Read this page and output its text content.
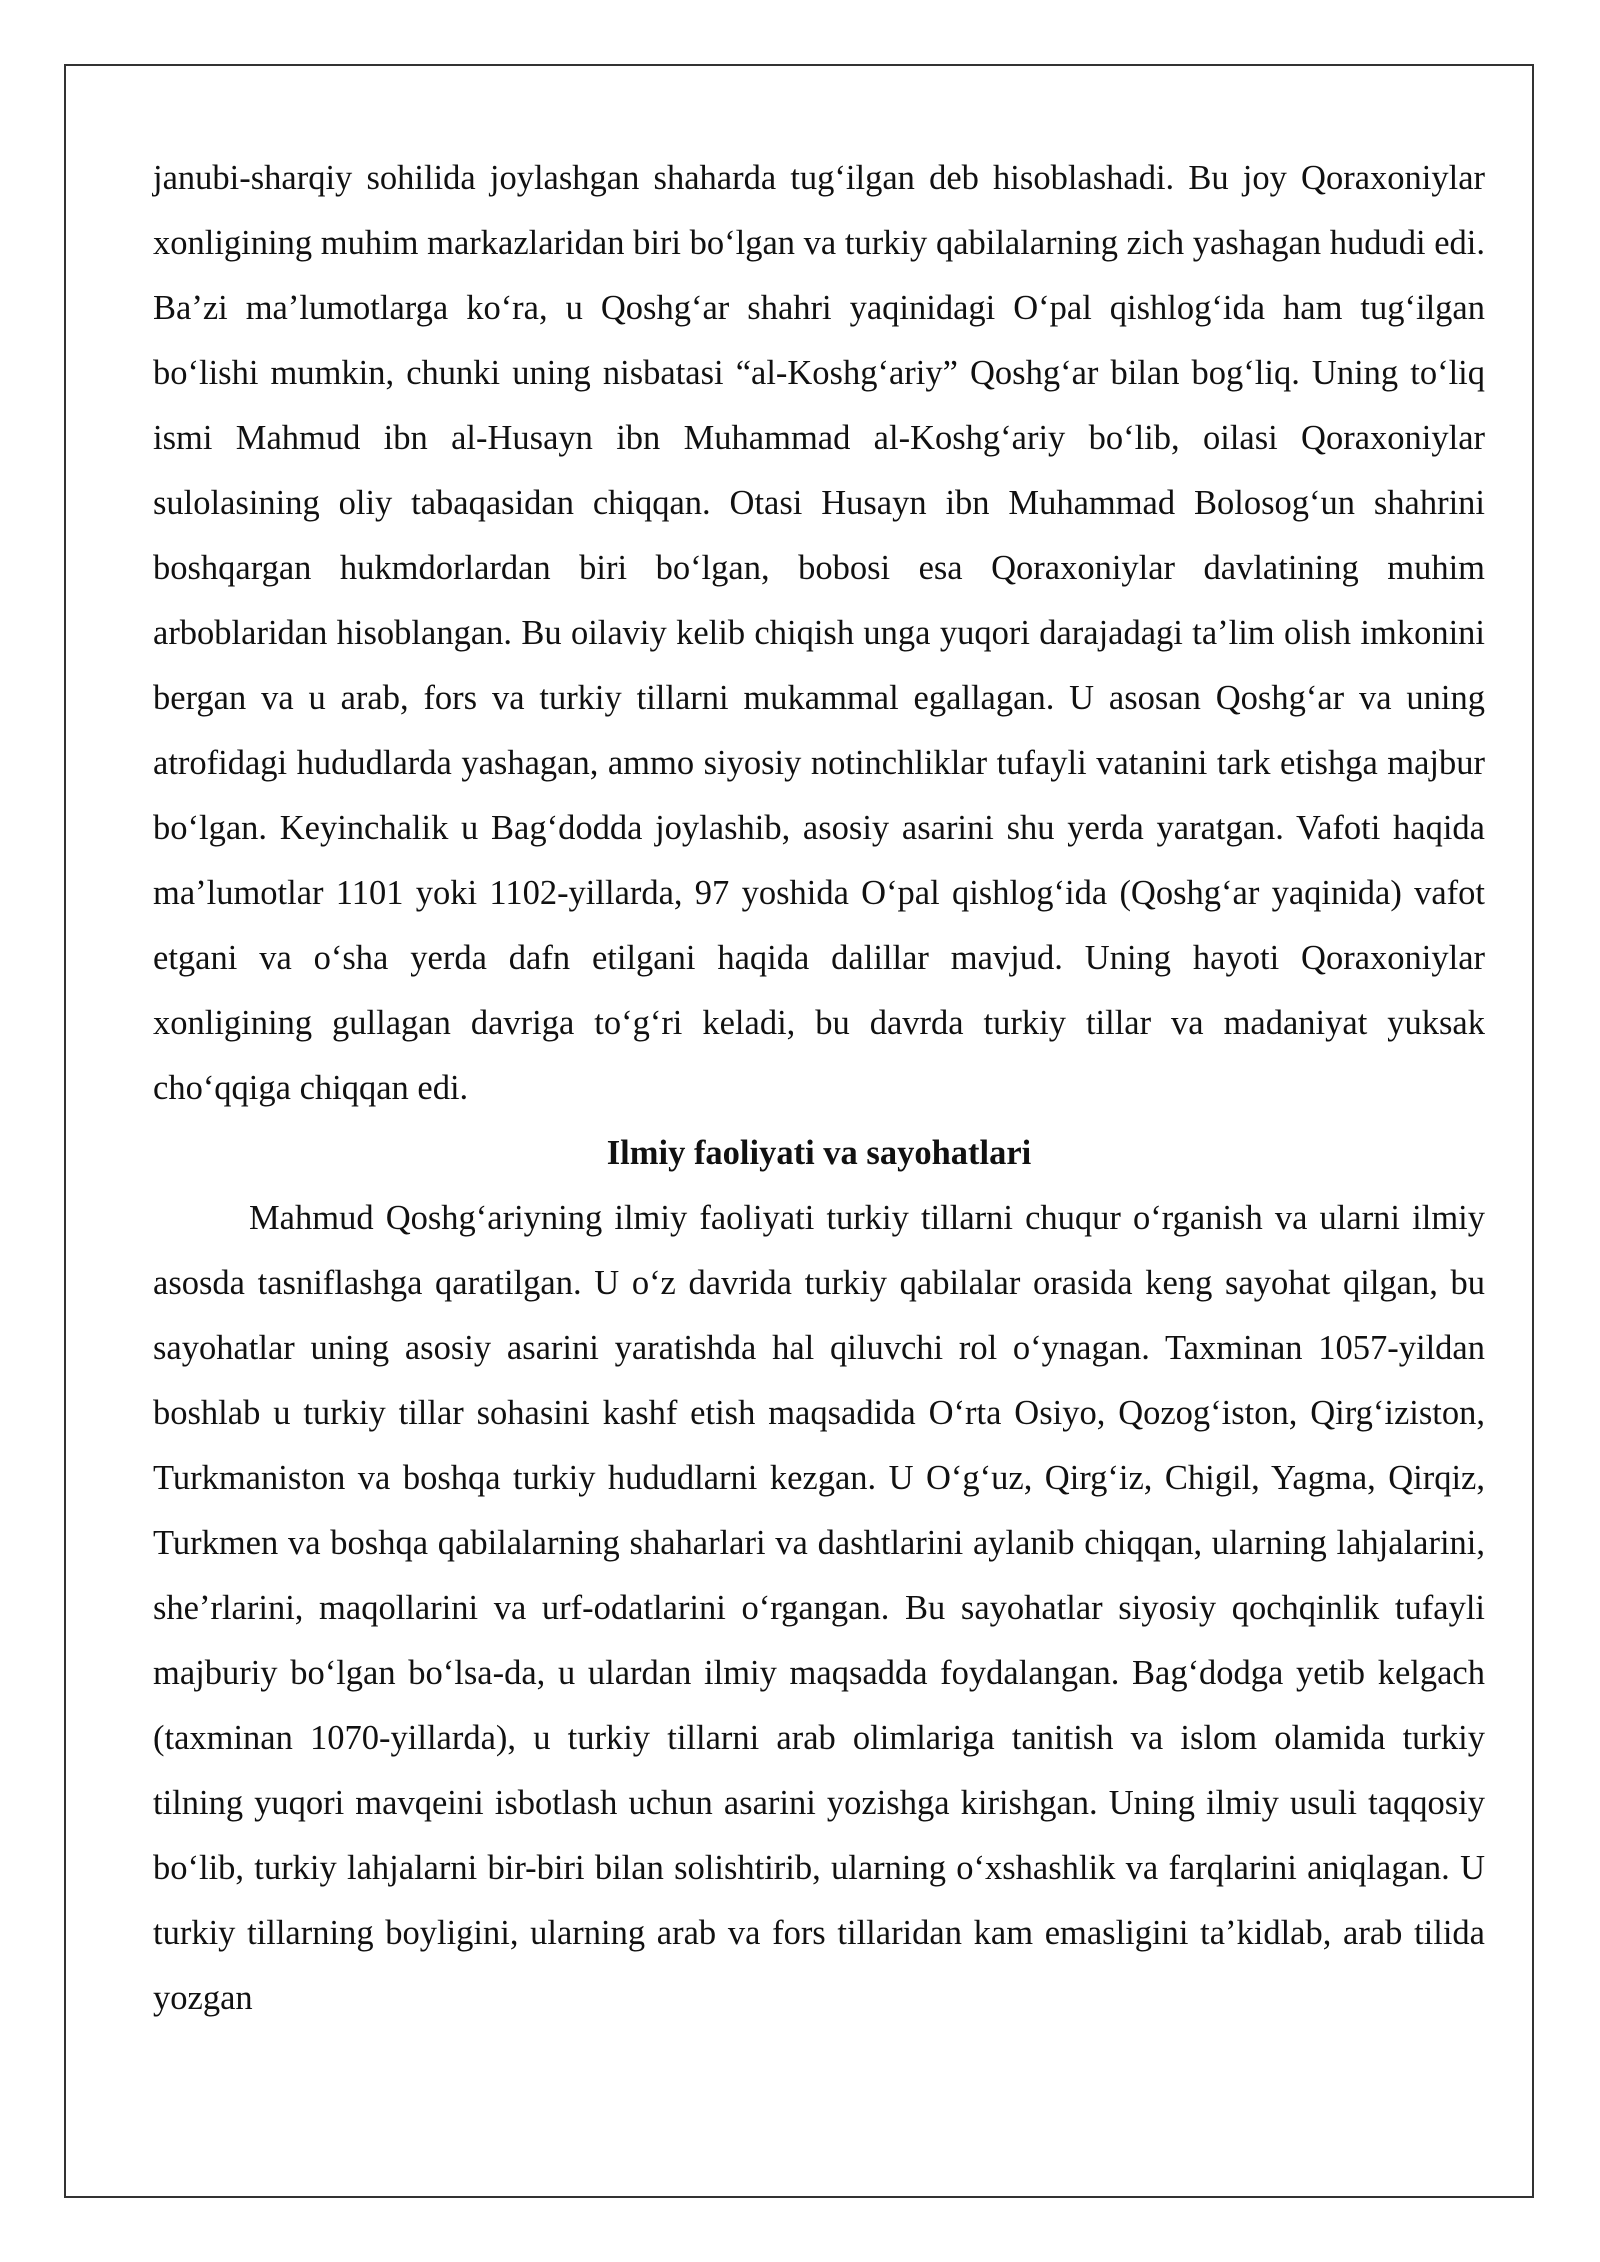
janubi-sharqiy sohilida joylashgan shaharda tugʻilgan deb hisoblashadi. Bu joy Qoraxoniylar xonligining muhim markazlaridan biri boʻlgan va turkiy qabilalarning zich yashagan hududi edi. Baʼzi maʼlumotlarga koʻra, u Qoshgʻar shahri yaqinidagi Oʻpal qishlogʻida ham tugʻilgan boʻlishi mumkin, chunki uning nisbatasi “al-Koshgʻariy” Qoshgʻar bilan bogʻliq. Uning toʻliq ismi Mahmud ibn al-Husayn ibn Muhammad al-Koshgʻariy boʻlib, oilasi Qoraxoniylar sulolasining oliy tabaqasidan chiqqan. Otasi Husayn ibn Muhammad Bolosogʻun shahrini boshqargan hukmdorlardan biri boʻlgan, bobosi esa Qoraxoniylar davlatining muhim arboblaridan hisoblangan. Bu oilaviy kelib chiqish unga yuqori darajadagi taʼlim olish imkonini bergan va u arab, fors va turkiy tillarni mukammal egallagan. U asosan Qoshgʻar va uning atrofidagi hududlarda yashagan, ammo siyosiy notinchliklar tufayli vatanini tark etishga majbur boʻlgan. Keyinchalik u Bagʻdodda joylashib, asosiy asarini shu yerda yaratgan. Vafoti haqida maʼlumotlar 1101 yoki 1102-yillarda, 97 yoshida Oʻpal qishlogʻida (Qoshgʻar yaqinida) vafot etgani va oʻsha yerda dafn etilgani haqida dalillar mavjud. Uning hayoti Qoraxoniylar xonligining gullagan davriga toʻgʻri keladi, bu davrda turkiy tillar va madaniyat yuksak choʻqqiga chiqqan edi.

Ilmiy faoliyati va sayohatlari

Mahmud Qoshgʻariyning ilmiy faoliyati turkiy tillarni chuqur oʻrganish va ularni ilmiy asosda tasniflashga qaratilgan. U oʻz davrida turkiy qabilalar orasida keng sayohat qilgan, bu sayohatlar uning asosiy asarini yaratishda hal qiluvchi rol oʻynagan. Taxminan 1057-yildan boshlab u turkiy tillar sohasini kashf etish maqsadida Oʻrta Osiyo, Qozogʻiston, Qirgʻiziston, Turkmaniston va boshqa turkiy hududlarni kezgan. U Oʻgʻuz, Qirgʻiz, Chigil, Yagma, Qirqiz, Turkmen va boshqa qabilalarning shaharlari va dashtlarini aylanib chiqqan, ularning lahjalarini, sheʼrlarini, maqollarini va urf-odatlarini oʻrgangan. Bu sayohatlar siyosiy qochqinlik tufayli majburiy boʻlgan boʻlsa-da, u ulardan ilmiy maqsadda foydalangan. Bagʻdodga yetib kelgach (taxminan 1070-yillarda), u turkiy tillarni arab olimlariga tanitish va islom olamida turkiy tilning yuqori mavqeini isbotlash uchun asarini yozishga kirishgan. Uning ilmiy usuli taqqosiy boʻlib, turkiy lahjalarni bir-biri bilan solishtirib, ularning oʻxshashlik va farqlarini aniqlagan. U turkiy tillarning boyligini, ularning arab va fors tillaridan kam emasligini taʼkidlab, arab tilida yozgan
